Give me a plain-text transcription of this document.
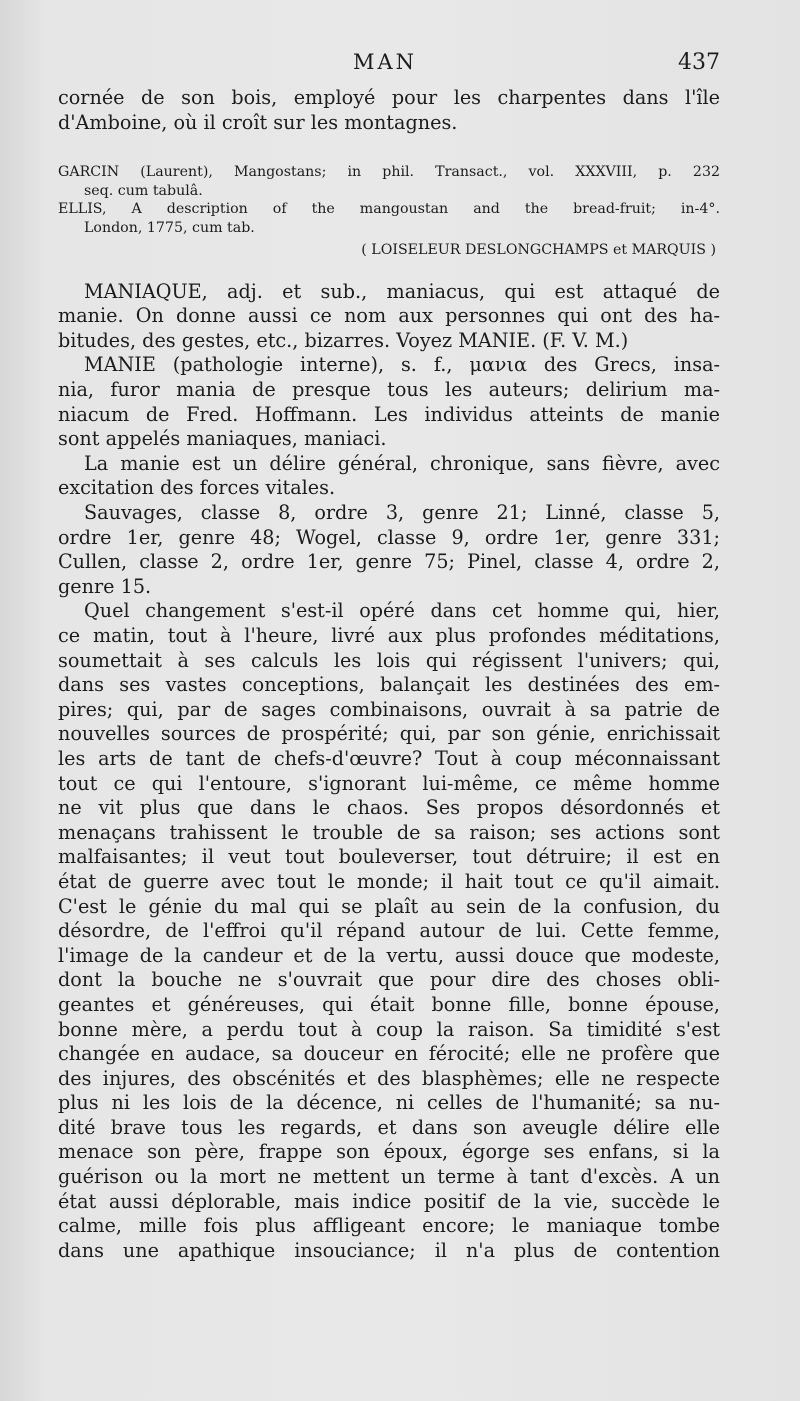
MAN	437
cornée de son bois, employé pour les charpentes dans l'île
d'Amboine, où il croît sur les montagnes.
GARCIN (Laurent), Mangostans; in phil. Transact., vol. XXXVIII, p. 232
seq. cum tabulâ.
ELLIS, A description of the mangoustan and the bread-fruit; in-4°.
London, 1775, cum tab.
( LOISELEUR DESLONGCHAMPS et MARQUIS )
MANIAQUE, adj. et sub., maniacus, qui est attaqué de
manie. On donne aussi ce nom aux personnes qui ont des ha-
bitudes, des gestes, etc., bizarres. Voyez MANIE. (F. V. M.)
MANIE (pathologie interne), s. f., μανια des Grecs, insa-
nia, furor mania de presque tous les auteurs; delirium ma-
niacum de Fred. Hoffmann. Les individus atteints de manie
sont appelés maniaques, maniaci.
La manie est un délire général, chronique, sans fièvre, avec
excitation des forces vitales.
Sauvages, classe 8, ordre 3, genre 21; Linné, classe 5,
ordre 1er, genre 48; Wogel, classe 9, ordre 1er, genre 331;
Cullen, classe 2, ordre 1er, genre 75; Pinel, classe 4, ordre 2,
genre 15.
Quel changement s'est-il opéré dans cet homme qui, hier,
ce matin, tout à l'heure, livré aux plus profondes méditations,
soumettait à ses calculs les lois qui régissent l'univers; qui,
dans ses vastes conceptions, balançait les destinées des em-
pires; qui, par de sages combinaisons, ouvrait à sa patrie de
nouvelles sources de prospérité; qui, par son génie, enrichissait
les arts de tant de chefs-d'œuvre? Tout à coup méconnaissant
tout ce qui l'entoure, s'ignorant lui-même, ce même homme
ne vit plus que dans le chaos. Ses propos désordonnés et
menaçans trahissent le trouble de sa raison; ses actions sont
malfaisantes; il veut tout bouleverser, tout détruire; il est en
état de guerre avec tout le monde; il hait tout ce qu'il aimait.
C'est le génie du mal qui se plaît au sein de la confusion, du
désordre, de l'effroi qu'il répand autour de lui. Cette femme,
l'image de la candeur et de la vertu, aussi douce que modeste,
dont la bouche ne s'ouvrait que pour dire des choses obli-
geantes et généreuses, qui était bonne fille, bonne épouse,
bonne mère, a perdu tout à coup la raison. Sa timidité s'est
changée en audace, sa douceur en férocité; elle ne profère que
des injures, des obscénités et des blasphèmes; elle ne respecte
plus ni les lois de la décence, ni celles de l'humanité; sa nu-
dité brave tous les regards, et dans son aveugle délire elle
menace son père, frappe son époux, égorge ses enfans, si la
guérison ou la mort ne mettent un terme à tant d'excès. A un
état aussi déplorable, mais indice positif de la vie, succède le
calme, mille fois plus affligeant encore; le maniaque tombe
dans une apathique insouciance; il n'a plus de contention
